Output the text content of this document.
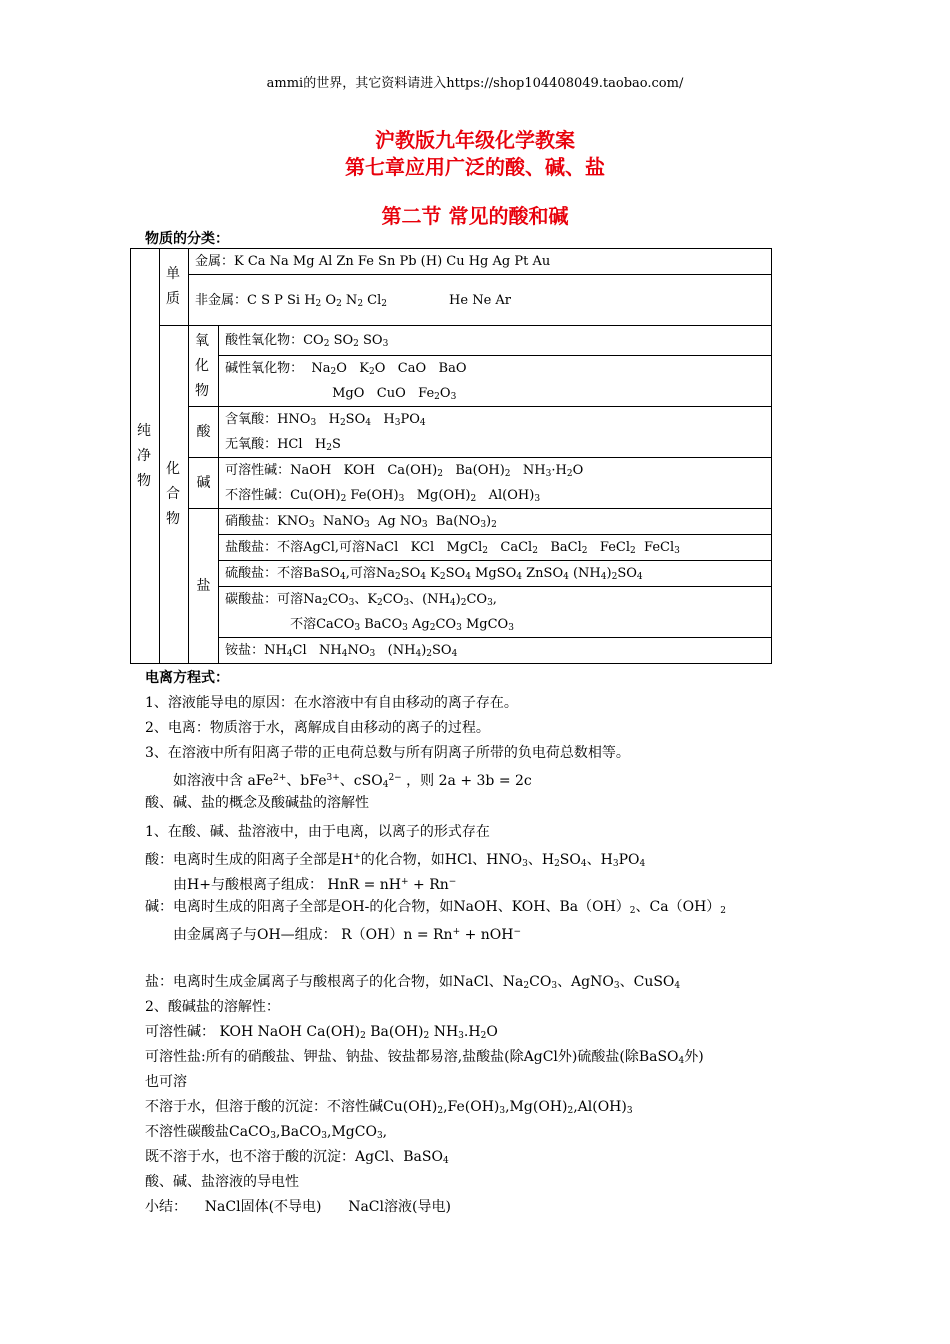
ammi的世界，其它资料请进入https://shop104408049.taobao.com/
沪教版九年级化学教案
第七章应用广泛的酸、碱、盐
第二节 常见的酸和碱
物质的分类：
纯净物	单质	金属：K Ca Na Mg Al Zn Fe Sn Pb (H) Cu Hg Ag Pt Au	

		非金属：C S P Si $H_2$ $O_2$ $N_2$ $Cl_2$ He Ne Ar	

	化合物	氧化物	酸性氧化物：$CO_2$ $SO_2$ $SO_3$

			碱性氧化物：  $Na_2O$   $K_2O$   CaO   BaO
MgO   CuO   $Fe_2O_3$

		酸	含氧酸：$HNO_3$   $H_2SO_4$   $H_3PO_4$
无氧酸：HCl   $H_2S$

		碱	可溶性碱：NaOH   KOH   $Ca(OH)_2$   $Ba(OH)_2$   $NH_3\cdot H_2O$
不溶性碱：$Cu(OH)_2$ $Fe(OH)_3$   $Mg(OH)_2$   $Al(OH)_3$

		盐	硝酸盐：$KNO_3$  NaNO$_3$  Ag $NO_3$  $Ba(NO_3)_2$

			盐酸盐：不溶AgCl,可溶NaCl   KCl   MgCl$_2$   CaCl$_2$   BaCl$_2$   FeCl$_2$  FeCl$_3$

			硫酸盐：不溶BaSO$_4$,可溶$Na_2SO_4$ $K_2SO_4$ MgSO$_4$ ZnSO$_4$ $(NH_4)_2SO_4$

			碳酸盐：可溶$Na_2CO_3$、$K_2CO_3$、$(NH_4)_2CO_3$,
不溶CaCO$_3$ BaCO$_3$ $Ag_2CO_3$ MgCO$_3$

			铵盐：$NH_4Cl$   $NH_4NO_3$   $(NH_4)_2SO_4$
电离方程式：
1、溶液能导电的原因：在水溶液中有自由移动的离子存在。
2、电离：物质溶于水，离解成自由移动的离子的过程。
3、在溶液中所有阳离子带的正电荷总数与所有阴离子所带的负电荷总数相等。
如溶液中含 aFe$^{2+}$、bFe$^{3+}$、cSO$_4^{2-}$ ，则 2a + 3b = 2c
酸、碱、盐的概念及酸碱盐的溶解性
1、在酸、碱、盐溶液中，由于电离，以离子的形式存在
酸：电离时生成的阳离子全部是H+的化合物，如HCl、$HNO_3$、$H_2SO_4$、$H_3PO_4$
由H+与酸根离子组成： HnR = nH+ + Rn−
碱：电离时生成的阳离子全部是OH-的化合物，如NaOH、KOH、$Ba(OH)_2$、$Ca(OH)_2$
由金属离子与OH—组成： R（OH）n = Rn+ + nOH−
盐：电离时生成金属离子与酸根离子的化合物，如NaCl、$Na_2CO_3$、AgNO$_3$、CuSO$_4$
2、酸碱盐的溶解性：
可溶性碱： KOH NaOH $Ca(OH)_2$ $Ba(OH)_2$ $NH_3.H_2O$
可溶性盐:所有的硝酸盐、钾盐、钠盐、铵盐都易溶,盐酸盐(除AgCl外)硫酸盐(除BaSO$_4$外)
也可溶
不溶于水，但溶于酸的沉淀：不溶性碱$Cu(OH)_2,Fe(OH)_3,Mg(OH)_2,Al(OH)_3$
不溶性碳酸盐CaCO$_3$,BaCO$_3$,MgCO$_3$,
既不溶于水，也不溶于酸的沉淀：AgCl、BaSO$_4$
酸、碱、盐溶液的导电性
小结：    NaCl固体(不导电)      NaCl溶液(导电)
